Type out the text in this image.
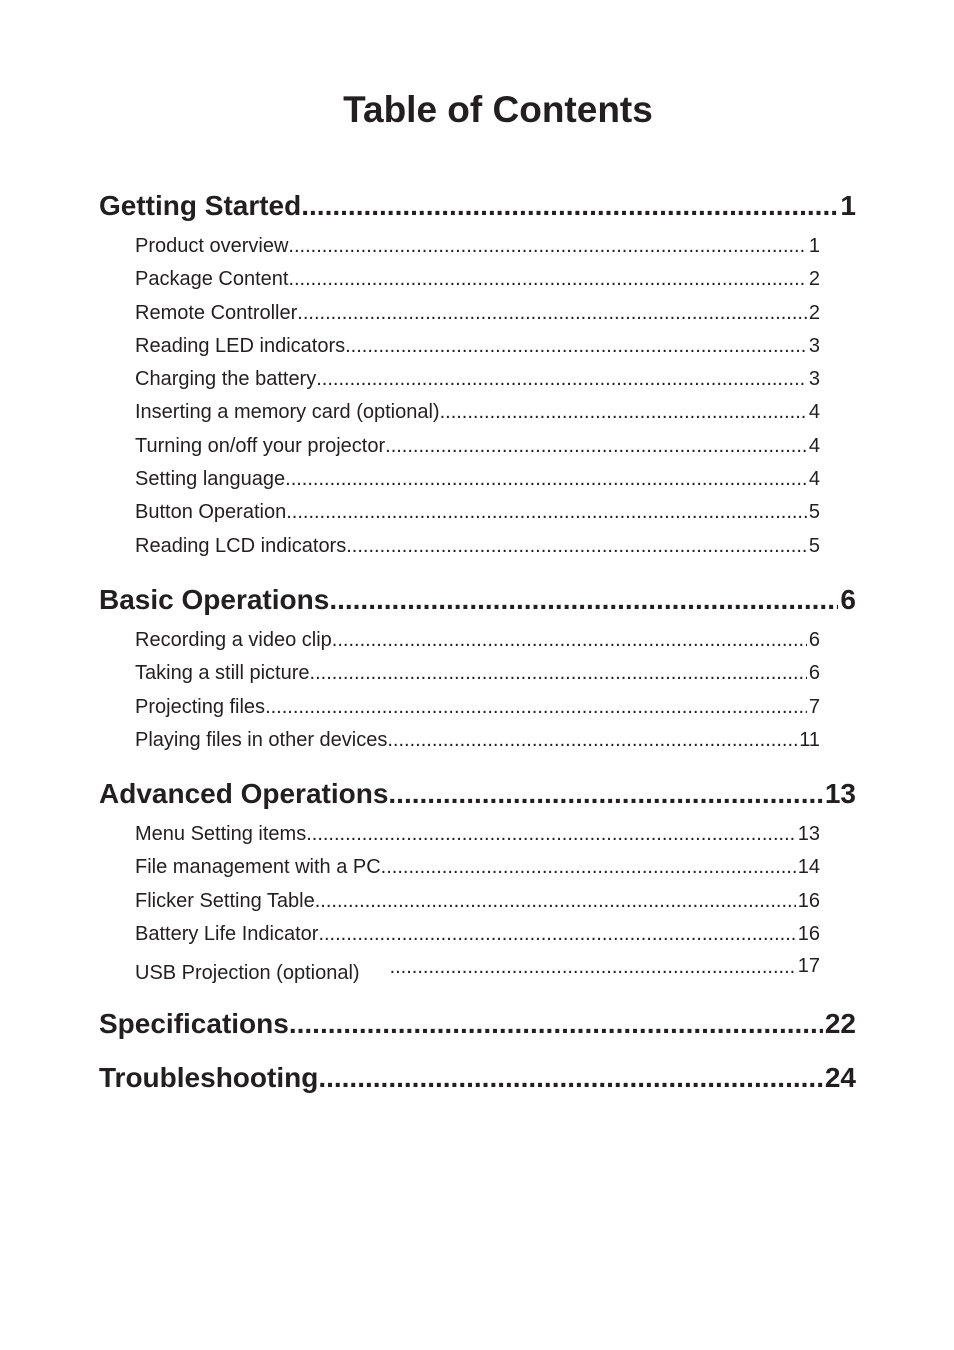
Table of Contents
Getting Started .....	1
Product overview .....	1
Package Content .....	2
Remote Controller .....	2
Reading LED indicators .....	3
Charging the battery .....	3
Inserting a memory card (optional) .....	4
Turning on/off your projector .....	4
Setting language .....	4
Button Operation .....	5
Reading LCD indicators .....	5
Basic Operations .....	6
Recording a video clip .....	6
Taking a still picture .....	6
Projecting files .....	7
Playing files in other devices .....	11
Advanced Operations .....	13
Menu Setting items .....	13
File management with a PC .....	14
Flicker Setting Table .....	16
Battery Life Indicator .....	16
USB Projection (optional) .....	17
Specifications .....	22
Troubleshooting .....	24
